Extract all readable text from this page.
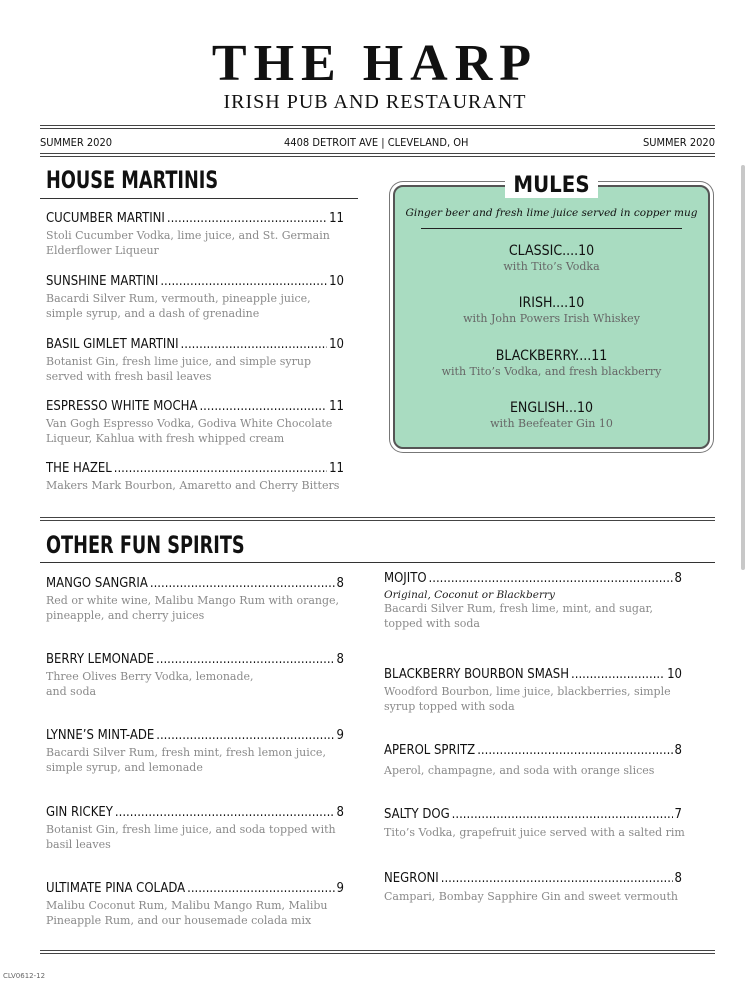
THE HARP
IRISH PUB AND RESTAURANT
SUMMER 2020	4408 DETROIT AVE | CLEVELAND, OH	SUMMER 2020
HOUSE MARTINIS
CUCUMBER MARTINI .....	11
Stoli Cucumber Vodka, lime juice, and St. Germain
Elderflower Liqueur
SUNSHINE MARTINI .....	10
Bacardi Silver Rum, vermouth, pineapple juice,
simple syrup, and a dash of grenadine
BASIL GIMLET MARTINI .....	10
Botanist Gin, fresh lime juice, and simple syrup
served with fresh basil leaves
ESPRESSO WHITE MOCHA .....	11
Van Gogh Espresso Vodka, Godiva White Chocolate
Liqueur, Kahlua with fresh whipped cream
THE HAZEL .....	11
Makers Mark Bourbon, Amaretto and Cherry Bitters
MULES
Ginger beer and fresh lime juice served in copper mug
CLASSIC....10
with Tito’s Vodka
IRISH....10
with John Powers Irish Whiskey
BLACKBERRY....11
with Tito’s Vodka, and fresh blackberry
ENGLISH...10
with Beefeater Gin 10
OTHER FUN SPIRITS
MANGO SANGRIA .....	8
Red or white wine, Malibu Mango Rum with orange,
pineapple, and cherry juices
BERRY LEMONADE .....	8
Three Olives Berry Vodka, lemonade,
and soda
LYNNE’S MINT-ADE .....	9
Bacardi Silver Rum, fresh mint, fresh lemon juice,
simple syrup, and lemonade
GIN RICKEY .....	8
Botanist Gin, fresh lime juice, and soda topped with
basil leaves
ULTIMATE PINA COLADA .....	9
Malibu Coconut Rum, Malibu Mango Rum, Malibu
Pineapple Rum, and our housemade colada mix
MOJITO .....	8
Original, Coconut or Blackberry
Bacardi Silver Rum, fresh lime, mint, and sugar,
topped with soda
BLACKBERRY BOURBON SMASH .....	10
Woodford Bourbon, lime juice, blackberries, simple
syrup topped with soda
APEROL SPRITZ .....	8
Aperol, champagne, and soda with orange slices
SALTY DOG .....	7
Tito’s Vodka, grapefruit juice served with a salted rim
NEGRONI .....	8
Campari, Bombay Sapphire Gin and sweet vermouth
CLV0612-12
